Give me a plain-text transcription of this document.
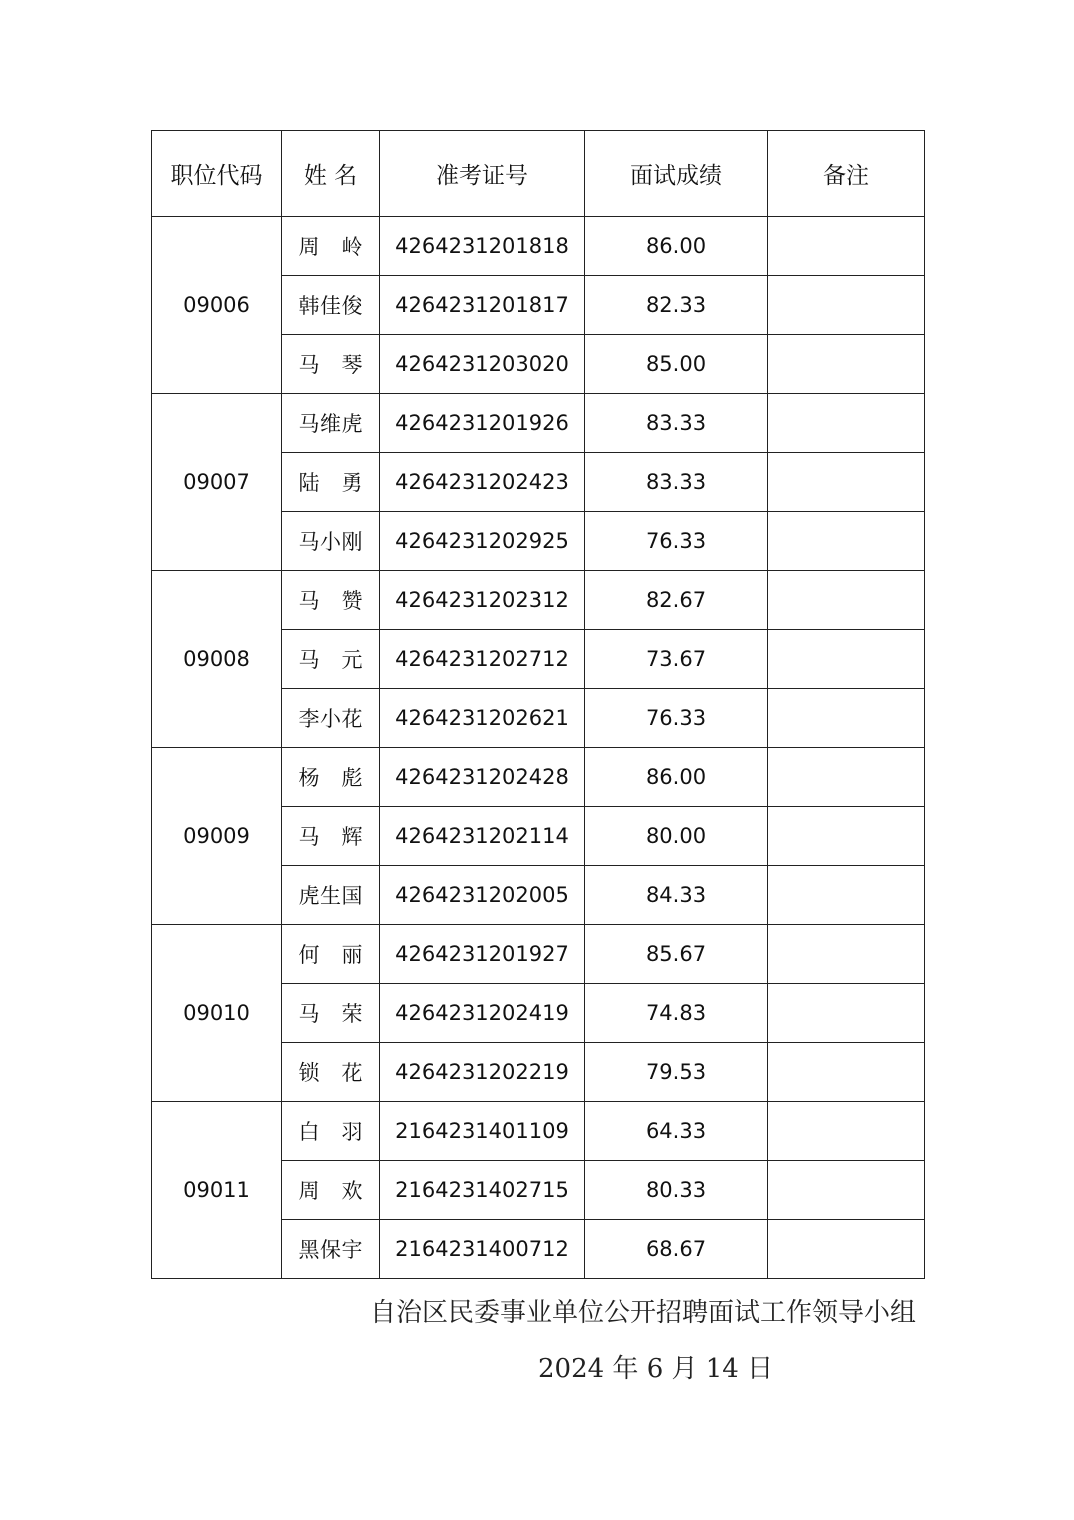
职位代码	姓 名	准考证号	面试成绩	备注
09006	周岭	4264231201818	86.00	
	韩佳俊	4264231201817	82.33	
	马琴	4264231203020	85.00	
09007	马维虎	4264231201926	83.33	
	陆勇	4264231202423	83.33	
	马小刚	4264231202925	76.33	
09008	马赞	4264231202312	82.67	
	马元	4264231202712	73.67	
	李小花	4264231202621	76.33	
09009	杨彪	4264231202428	86.00	
	马辉	4264231202114	80.00	
	虎生国	4264231202005	84.33	
09010	何丽	4264231201927	85.67	
	马荣	4264231202419	74.83	
	锁花	4264231202219	79.53	
09011	白羽	2164231401109	64.33	
	周欢	2164231402715	80.33	
	黑保宇	2164231400712	68.67	
自治区民委事业单位公开招聘面试工作领导小组
2024 年 6 月 14 日
